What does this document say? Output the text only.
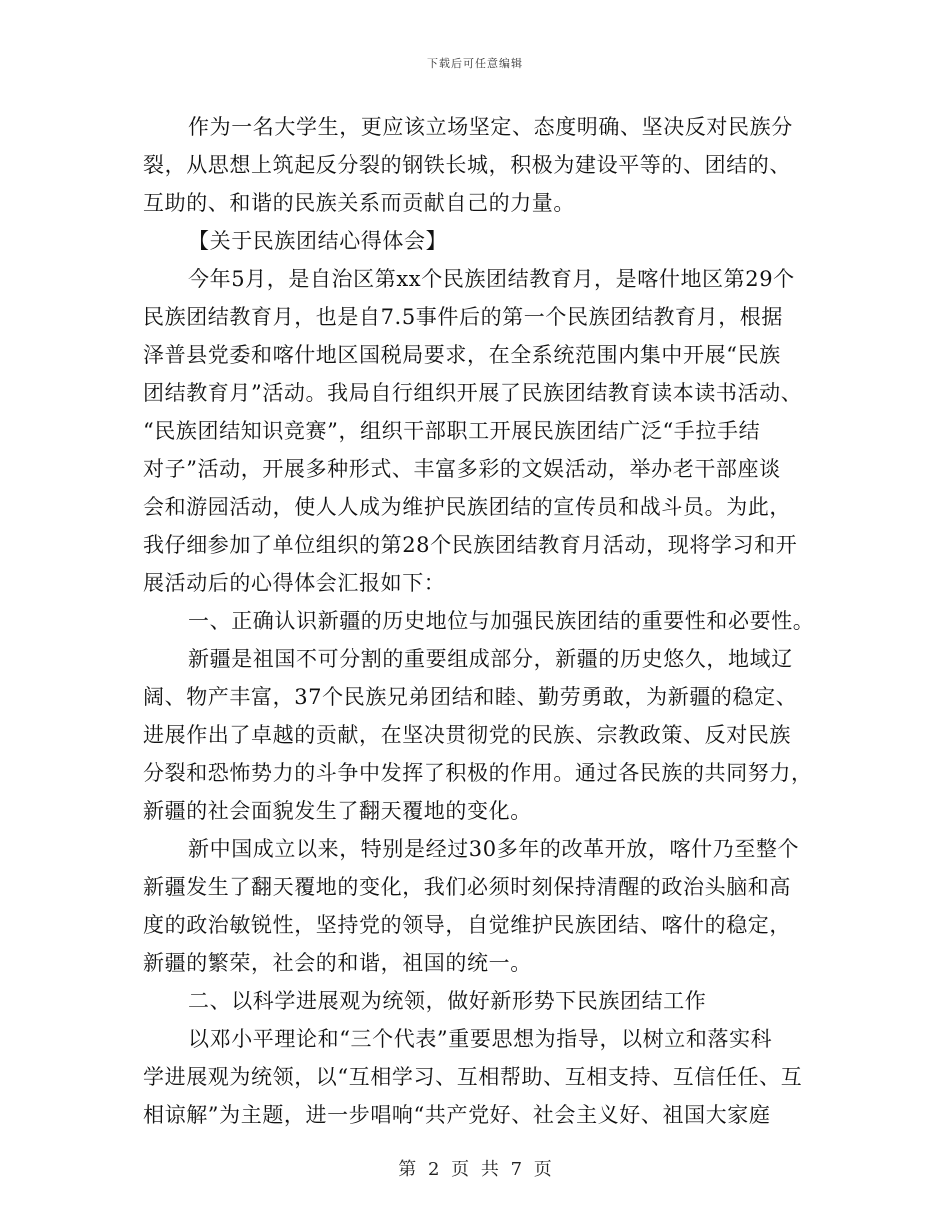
下载后可任意编辑
作为一名大学生，更应该立场坚定、态度明确、坚决反对民族分
裂，从思想上筑起反分裂的钢铁长城，积极为建设平等的、团结的、
互助的、和谐的民族关系而贡献自己的力量。
【关于民族团结心得体会】
今年5月，是自治区第xx个民族团结教育月，是喀什地区第29个
民族团结教育月，也是自7.5事件后的第一个民族团结教育月，根据
泽普县党委和喀什地区国税局要求，在全系统范围内集中开展“民族
团结教育月”活动。我局自行组织开展了民族团结教育读本读书活动、
“民族团结知识竞赛”，组织干部职工开展民族团结广泛“手拉手结
对子”活动，开展多种形式、丰富多彩的文娱活动，举办老干部座谈
会和游园活动，使人人成为维护民族团结的宣传员和战斗员。为此，
我仔细参加了单位组织的第28个民族团结教育月活动，现将学习和开
展活动后的心得体会汇报如下：
一、正确认识新疆的历史地位与加强民族团结的重要性和必要性。
新疆是祖国不可分割的重要组成部分，新疆的历史悠久，地域辽
阔、物产丰富，37个民族兄弟团结和睦、勤劳勇敢，为新疆的稳定、
进展作出了卓越的贡献，在坚决贯彻党的民族、宗教政策、反对民族
分裂和恐怖势力的斗争中发挥了积极的作用。通过各民族的共同努力，
新疆的社会面貌发生了翻天覆地的变化。
新中国成立以来，特别是经过30多年的改革开放，喀什乃至整个
新疆发生了翻天覆地的变化，我们必须时刻保持清醒的政治头脑和高
度的政治敏锐性，坚持党的领导，自觉维护民族团结、喀什的稳定，
新疆的繁荣，社会的和谐，祖国的统一。
二、以科学进展观为统领，做好新形势下民族团结工作
以邓小平理论和“三个代表”重要思想为指导，以树立和落实科
学进展观为统领，以“互相学习、互相帮助、互相支持、互信任任、互
相谅解”为主题，进一步唱响“共产党好、社会主义好、祖国大家庭
第 2 页 共 7 页
